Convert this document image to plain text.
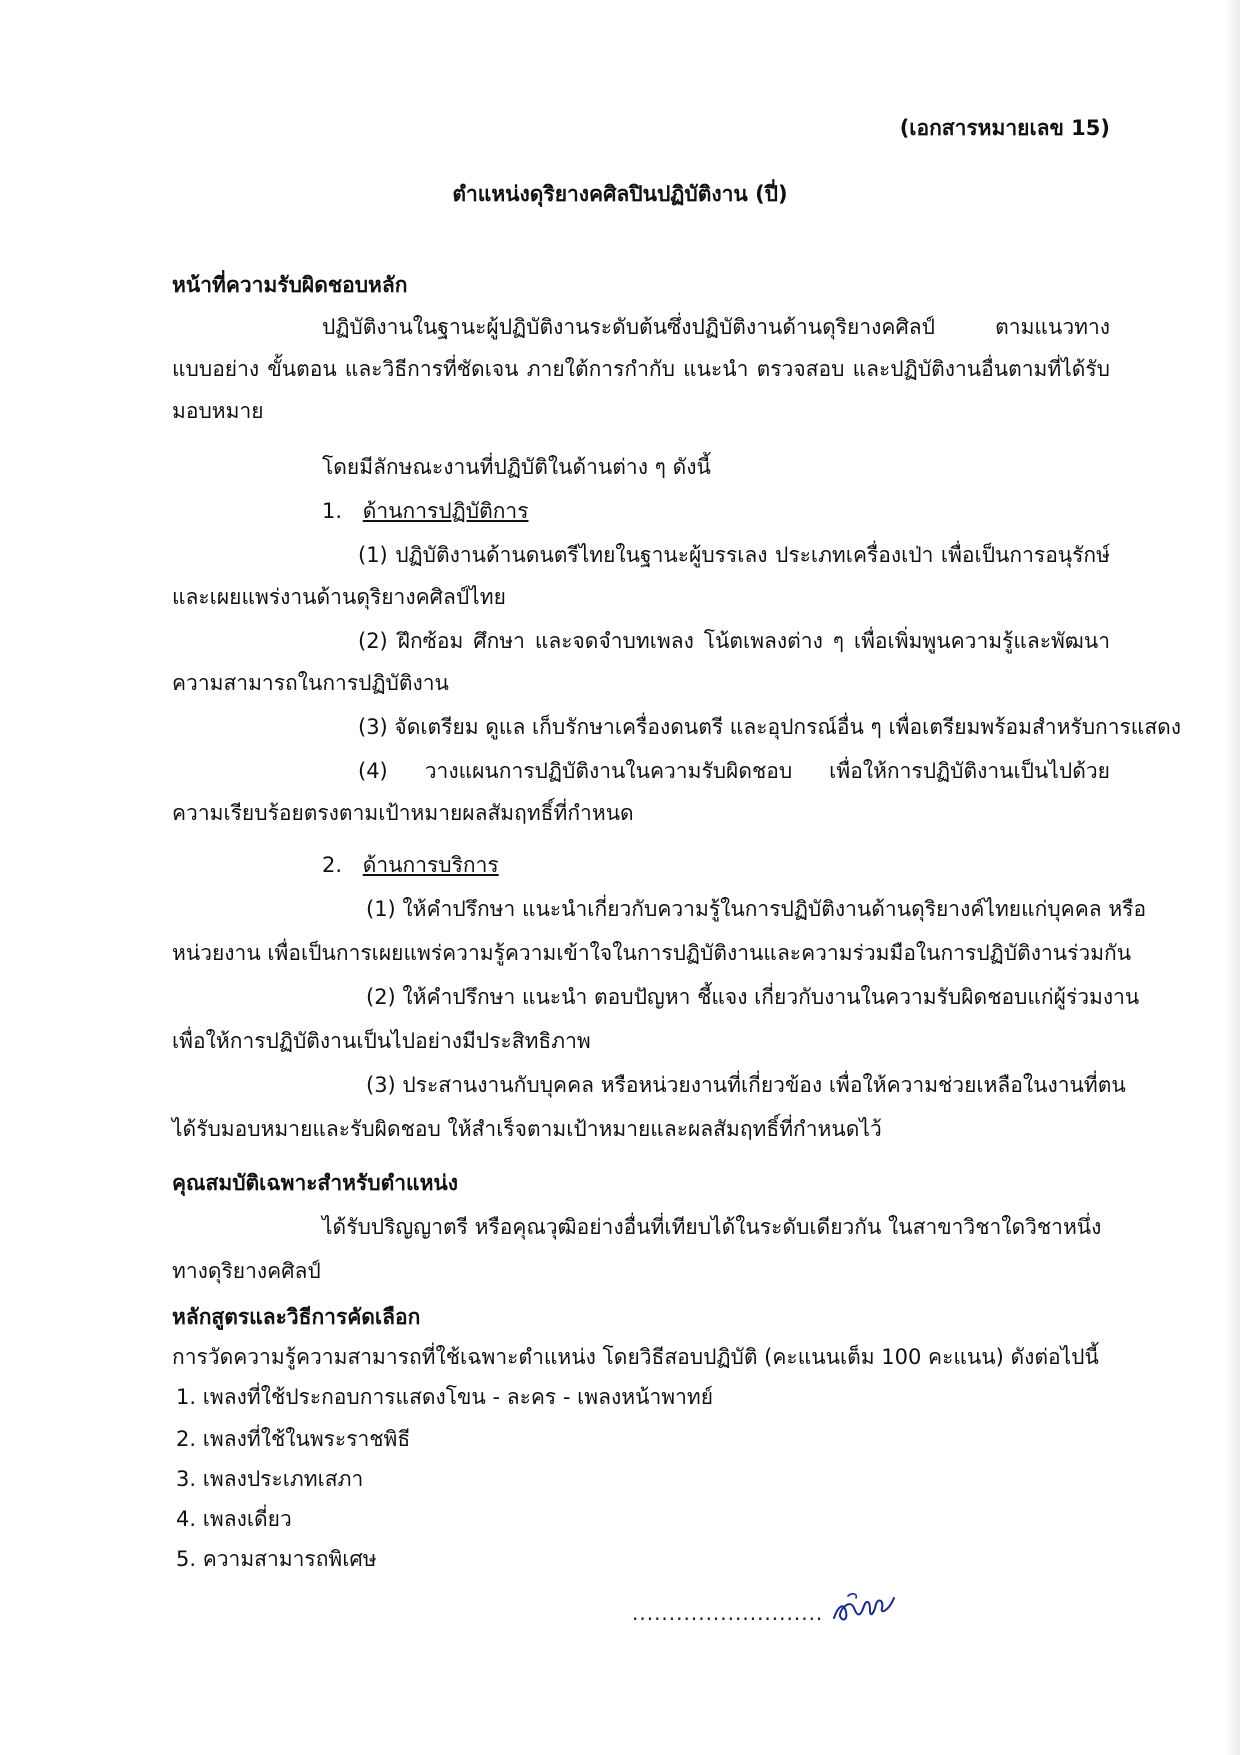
(เอกสารหมายเลข 15)
ตำแหน่งดุริยางคศิลปินปฏิบัติงาน (ปี่)
หน้าที่ความรับผิดชอบหลัก
ปฏิบัติงานในฐานะผู้ปฏิบัติงานระดับต้นซึ่งปฏิบัติงานด้านดุริยางคศิลป์ ตามแนวทาง
แบบอย่าง ขั้นตอน และวิธีการที่ชัดเจน ภายใต้การกำกับ แนะนำ ตรวจสอบ และปฏิบัติงานอื่นตามที่ได้รับ
มอบหมาย
โดยมีลักษณะงานที่ปฏิบัติในด้านต่าง ๆ ดังนี้
1. ด้านการปฏิบัติการ
(1) ปฏิบัติงานด้านดนตรีไทยในฐานะผู้บรรเลง ประเภทเครื่องเป่า เพื่อเป็นการอนุรักษ์
และเผยแพร่งานด้านดุริยางคศิลป์ไทย
(2) ฝึกซ้อม ศึกษา และจดจำบทเพลง โน้ตเพลงต่าง ๆ เพื่อเพิ่มพูนความรู้และพัฒนา
ความสามารถในการปฏิบัติงาน
(3) จัดเตรียม ดูแล เก็บรักษาเครื่องดนตรี และอุปกรณ์อื่น ๆ เพื่อเตรียมพร้อมสำหรับการแสดง
(4) วางแผนการปฏิบัติงานในความรับผิดชอบ เพื่อให้การปฏิบัติงานเป็นไปด้วย
ความเรียบร้อยตรงตามเป้าหมายผลสัมฤทธิ์ที่กำหนด
2. ด้านการบริการ
(1) ให้คำปรึกษา แนะนำเกี่ยวกับความรู้ในการปฏิบัติงานด้านดุริยางค์ไทยแก่บุคคล หรือ
หน่วยงาน เพื่อเป็นการเผยแพร่ความรู้ความเข้าใจในการปฏิบัติงานและความร่วมมือในการปฏิบัติงานร่วมกัน
(2) ให้คำปรึกษา แนะนำ ตอบปัญหา ชี้แจง เกี่ยวกับงานในความรับผิดชอบแก่ผู้ร่วมงาน
เพื่อให้การปฏิบัติงานเป็นไปอย่างมีประสิทธิภาพ
(3) ประสานงานกับบุคคล หรือหน่วยงานที่เกี่ยวข้อง เพื่อให้ความช่วยเหลือในงานที่ตน
ได้รับมอบหมายและรับผิดชอบ ให้สำเร็จตามเป้าหมายและผลสัมฤทธิ์ที่กำหนดไว้
คุณสมบัติเฉพาะสำหรับตำแหน่ง
ได้รับปริญญาตรี หรือคุณวุฒิอย่างอื่นที่เทียบได้ในระดับเดียวกัน ในสาขาวิชาใดวิชาหนึ่ง
ทางดุริยางคศิลป์
หลักสูตรและวิธีการคัดเลือก
การวัดความรู้ความสามารถที่ใช้เฉพาะตำแหน่ง โดยวิธีสอบปฏิบัติ (คะแนนเต็ม 100 คะแนน) ดังต่อไปนี้
1. เพลงที่ใช้ประกอบการแสดงโขน - ละคร - เพลงหน้าพาทย์
2. เพลงที่ใช้ในพระราชพิธี
3. เพลงประเภทเสภา
4. เพลงเดี่ยว
5. ความสามารถพิเศษ
..........................
